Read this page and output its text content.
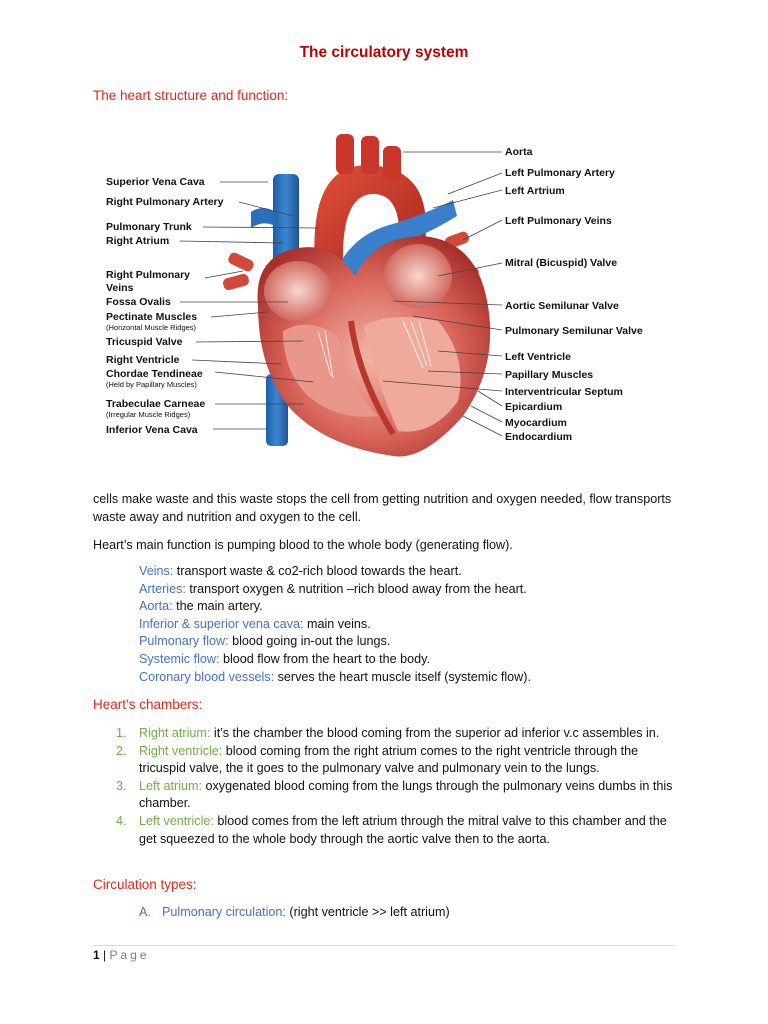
The circulatory system
The heart structure and function:
Superior Vena Cava
Right Pulmonary Artery
Pulmonary Trunk
Right Atrium
Right Pulmonary
Veins
Fossa Ovalis
Pectinate Muscles
Tricuspid Valve
Right Ventricle
Chordae Tendineae
Trabeculae Carneae
Inferior Vena Cava
(Horizontal Muscle Ridges)
(Held by Papillary Muscles)
(Irregular Muscle Ridges)
Aorta
Left Pulmonary Artery
Left Artrium
Left Pulmonary Veins
Mitral (Bicuspid) Valve
Aortic Semilunar Valve
Pulmonary Semilunar Valve
Left Ventricle
Papillary Muscles
Interventricular Septum
Epicardium
Myocardium
Endocardium
cells make waste and this waste stops the cell from getting nutrition and oxygen needed, flow transports waste away and nutrition and oxygen to the cell.
Heart’s main function is pumping blood to the whole body (generating flow).
Veins: transport waste & co2-rich blood towards the heart.
Arteries: transport oxygen & nutrition –rich blood away from the heart.
Aorta: the main artery.
Inferior & superior vena cava: main veins.
Pulmonary flow: blood going in-out the lungs.
Systemic flow: blood flow from the heart to the body.
Coronary blood vessels: serves the heart muscle itself (systemic flow).
Heart’s chambers:
1. Right atrium: it’s the chamber the blood coming from the superior ad inferior v.c assembles in.
2. Right ventricle: blood coming from the right atrium comes to the right ventricle through the tricuspid valve, the it goes to the pulmonary valve and pulmonary vein to the lungs.
3. Left atrium: oxygenated blood coming from the lungs through the pulmonary veins dumbs in this chamber.
4. Left ventricle: blood comes from the left atrium through the mitral valve to this chamber and the get squeezed to the whole body through the aortic valve then to the aorta.
Circulation types:
A. Pulmonary circulation: (right ventricle >> left atrium)
1 | Page
